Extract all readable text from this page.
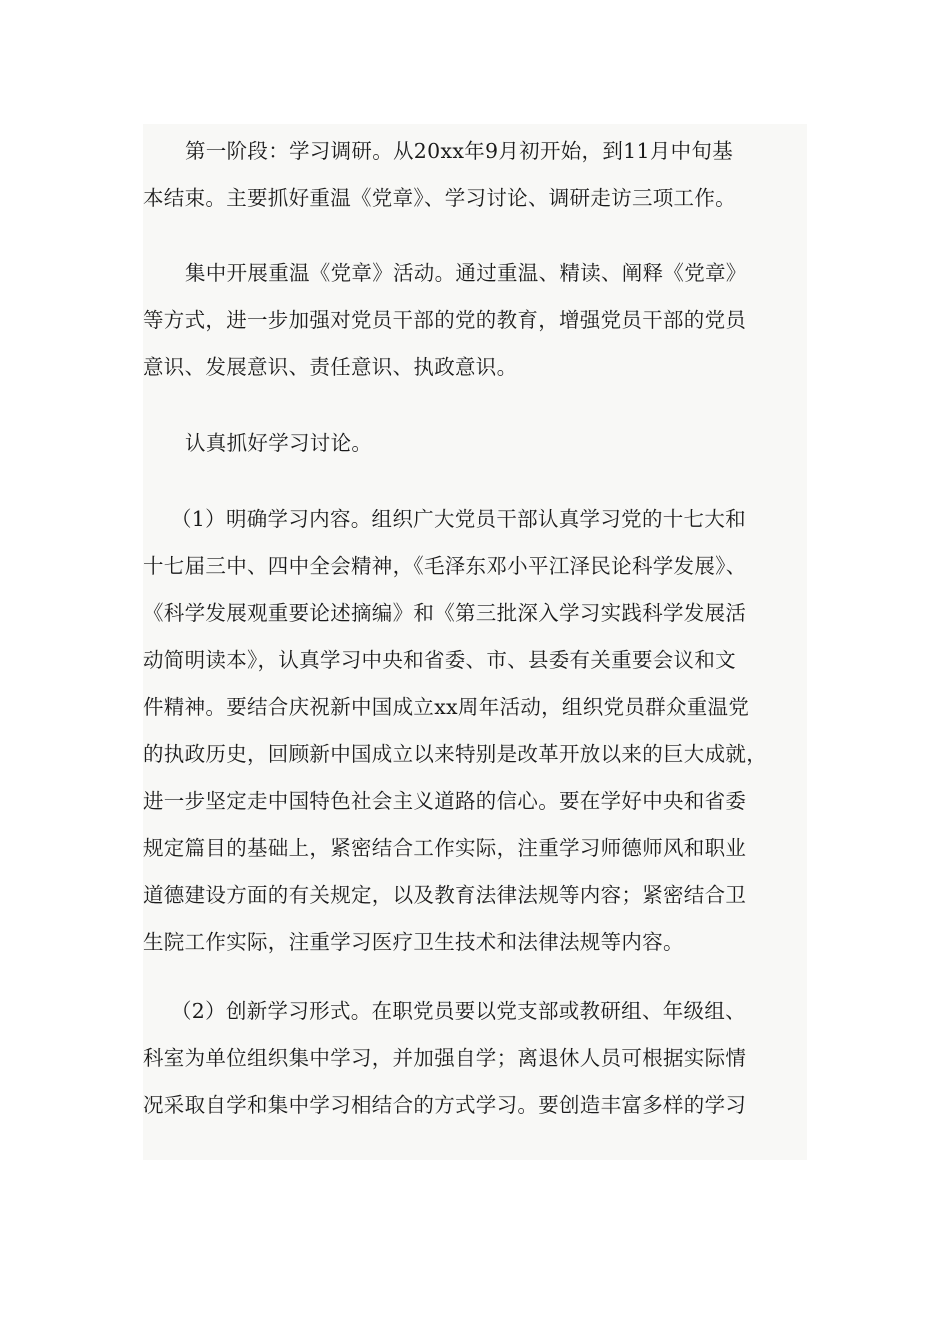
第一阶段：学习调研。从20xx年9月初开始，到11月中旬基
本结束。主要抓好重温《党章》、学习讨论、调研走访三项工作。
集中开展重温《党章》活动。通过重温、精读、阐释《党章》
等方式，进一步加强对党员干部的党的教育，增强党员干部的党员
意识、发展意识、责任意识、执政意识。
认真抓好学习讨论。
（1）明确学习内容。组织广大党员干部认真学习党的十七大和
十七届三中、四中全会精神，《毛泽东邓小平江泽民论科学发展》、
《科学发展观重要论述摘编》和《第三批深入学习实践科学发展活
动简明读本》，认真学习中央和省委、市、县委有关重要会议和文
件精神。要结合庆祝新中国成立xx周年活动，组织党员群众重温党
的执政历史，回顾新中国成立以来特别是改革开放以来的巨大成就，
进一步坚定走中国特色社会主义道路的信心。要在学好中央和省委
规定篇目的基础上，紧密结合工作实际，注重学习师德师风和职业
道德建设方面的有关规定，以及教育法律法规等内容；紧密结合卫
生院工作实际，注重学习医疗卫生技术和法律法规等内容。
（2）创新学习形式。在职党员要以党支部或教研组、年级组、
科室为单位组织集中学习，并加强自学；离退休人员可根据实际情
况采取自学和集中学习相结合的方式学习。要创造丰富多样的学习
